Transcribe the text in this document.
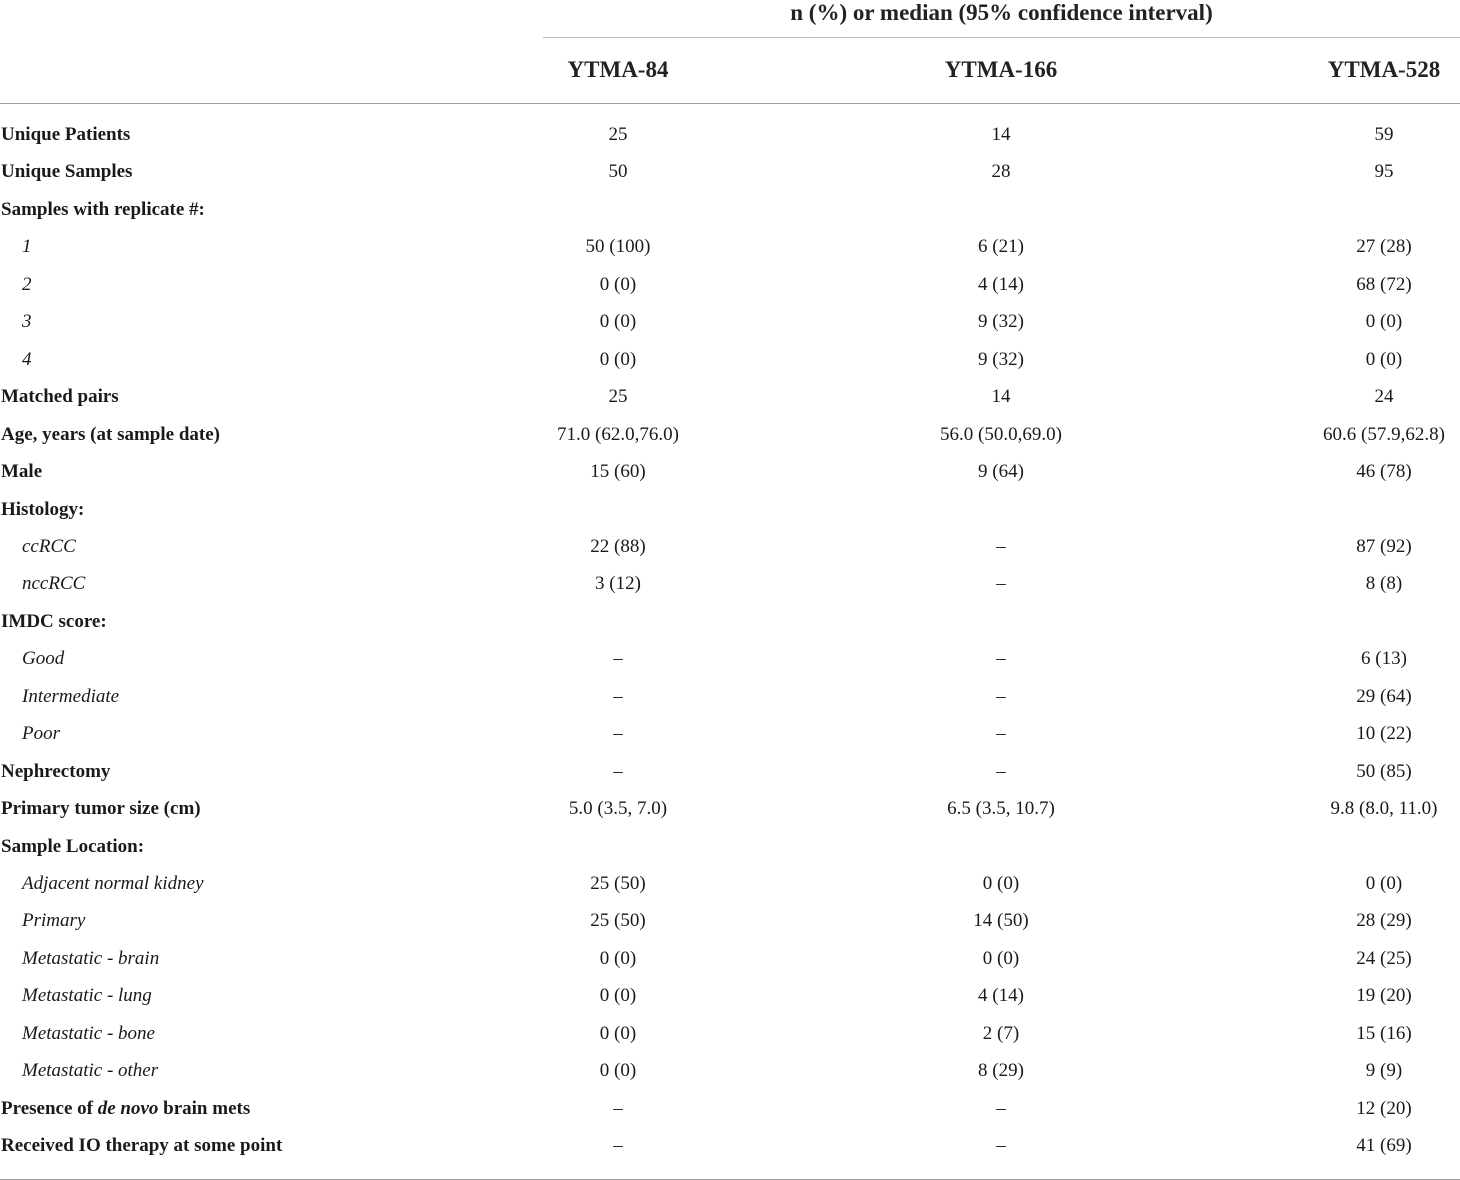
n (%) or median (95% confidence interval)
YTMA-84	YTMA-166	YTMA-528
Unique Patients	25	14	59
Unique Samples	50	28	95
Samples with replicate #:
1	50 (100)	6 (21)	27 (28)
2	0 (0)	4 (14)	68 (72)
3	0 (0)	9 (32)	0 (0)
4	0 (0)	9 (32)	0 (0)
Matched pairs	25	14	24
Age, years (at sample date)	71.0 (62.0,76.0)	56.0 (50.0,69.0)	60.6 (57.9,62.8)
Male	15 (60)	9 (64)	46 (78)
Histology:
ccRCC	22 (88)	–	87 (92)
nccRCC	3 (12)	–	8 (8)
IMDC score:
Good	–	–	6 (13)
Intermediate	–	–	29 (64)
Poor	–	–	10 (22)
Nephrectomy	–	–	50 (85)
Primary tumor size (cm)	5.0 (3.5, 7.0)	6.5 (3.5, 10.7)	9.8 (8.0, 11.0)
Sample Location:
Adjacent normal kidney	25 (50)	0 (0)	0 (0)
Primary	25 (50)	14 (50)	28 (29)
Metastatic - brain	0 (0)	0 (0)	24 (25)
Metastatic - lung	0 (0)	4 (14)	19 (20)
Metastatic - bone	0 (0)	2 (7)	15 (16)
Metastatic - other	0 (0)	8 (29)	9 (9)
Presence of de novo brain mets	–	–	12 (20)
Received IO therapy at some point	–	–	41 (69)
